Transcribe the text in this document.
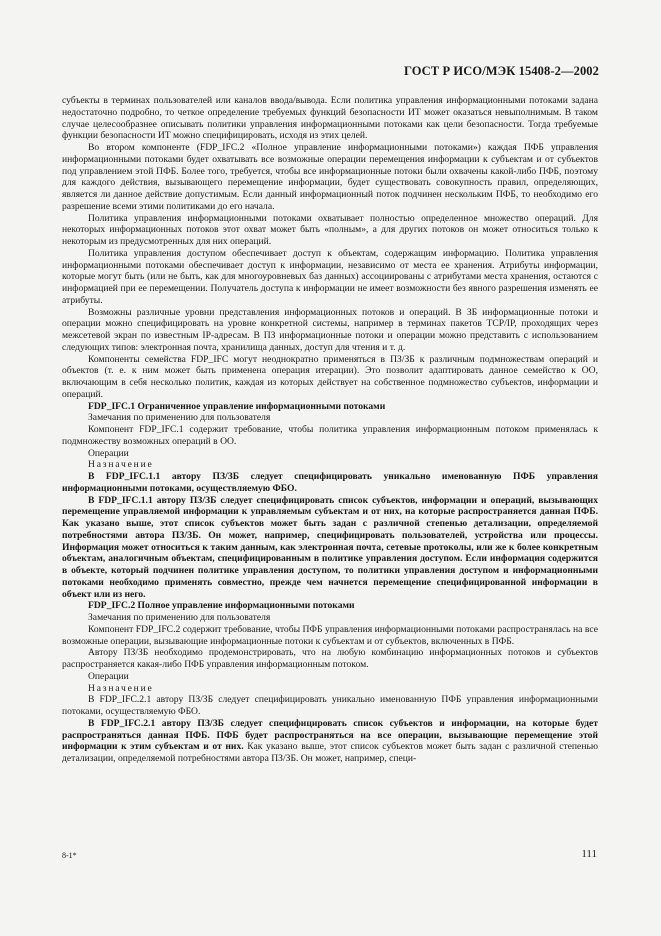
ГОСТ Р ИСО/МЭК 15408-2—2002

субъекты в терминах пользователей или каналов ввода/вывода. Если политика управления информационными потоками задана недостаточно подробно, то четкое определение требуемых функций безопасности ИТ может оказаться невыполнимым. В таком случае целесообразнее описывать политики управления информационными потоками как цели безопасности. Тогда требуемые функции безопасности ИТ можно специфицировать, исходя из этих целей.

Во втором компоненте (FDP_IFC.2 «Полное управление информационными потоками») каждая ПФБ управления информационными потоками будет охватывать все возможные операции перемещения информации к субъектам и от субъектов под управлением этой ПФБ. Более того, требуется, чтобы все информационные потоки были охвачены какой-либо ПФБ, поэтому для каждого действия, вызывающего перемещение информации, будет существовать совокупность правил, определяющих, является ли данное действие допустимым. Если данный информационный поток подчинен нескольким ПФБ, то необходимо его разрешение всеми этими политиками до его начала.

Политика управления информационными потоками охватывает полностью определенное множество операций. Для некоторых информационных потоков этот охват может быть «полным», а для других потоков он может относиться только к некоторым из предусмотренных для них операций.

Политика управления доступом обеспечивает доступ к объектам, содержащим информацию. Политика управления информационными потоками обеспечивает доступ к информации, независимо от места ее хранения. Атрибуты информации, которые могут быть (или не быть, как для многоуровневых баз данных) ассоциированы с атрибутами места хранения, остаются с информацией при ее перемещении. Получатель доступа к информации не имеет возможности без явного разрешения изменять ее атрибуты.

Возможны различные уровни представления информационных потоков и операций. В ЗБ информационные потоки и операции можно специфицировать на уровне конкретной системы, например в терминах пакетов TCP/IP, проходящих через межсетевой экран по известным IP-адресам. В ПЗ информационные потоки и операции можно представить с использованием следующих типов: электронная почта, хранилища данных, доступ для чтения и т. д.

Компоненты семейства FDP_IFC могут неоднократно применяться в ПЗ/ЗБ к различным подмножествам операций и объектов (т. е. к ним может быть применена операция итерации). Это позволит адаптировать данное семейство к ОО, включающим в себя несколько политик, каждая из которых действует на собственное подмножество субъектов, информации и операций.

FDP_IFC.1 Ограниченное управление информационными потоками

Замечания по применению для пользователя

Компонент FDP_IFC.1 содержит требование, чтобы политика управления информационным потоком применялась к подмножеству возможных операций в ОО.

Операции

Назначение

В FDP_IFC.1.1 автору ПЗ/ЗБ следует специфицировать уникально именованную ПФБ управления информационными потоками, осуществляемую ФБО.

В FDP_IFC.1.1 автору ПЗ/ЗБ следует специфицировать список субъектов, информации и операций, вызывающих перемещение управляемой информации к управляемым субъектам и от них, на которые распространяется данная ПФБ. Как указано выше, этот список субъектов может быть задан с различной степенью детализации, определяемой потребностями автора ПЗ/ЗБ. Он может, например, специфицировать пользователей, устройства или процессы. Информация может относиться к таким данным, как электронная почта, сетевые протоколы, или же к более конкретным объектам, аналогичным объектам, специфицированным в политике управления доступом. Если информация содержится в объекте, который подчинен политике управления доступом, то политики управления доступом и информационными потоками необходимо применять совместно, прежде чем начнется перемещение специфицированной информации в объект или из него.

FDP_IFC.2 Полное управление информационными потоками

Замечания по применению для пользователя

Компонент FDP_IFC.2 содержит требование, чтобы ПФБ управления информационными потоками распространялась на все возможные операции, вызывающие информационные потоки к субъектам и от субъектов, включенных в ПФБ.

Автору ПЗ/ЗБ необходимо продемонстрировать, что на любую комбинацию информационных потоков и субъектов распространяется какая-либо ПФБ управления информационным потоком.

Операции

Назначение

В FDP_IFC.2.1 автору ПЗ/ЗБ следует специфицировать уникально именованную ПФБ управления информационными потоками, осуществляемую ФБО.

В FDP_IFC.2.1 автору ПЗ/ЗБ следует специфицировать список субъектов и информации, на которые будет распространяться данная ПФБ. ПФБ будет распространяться на все операции, вызывающие перемещение этой информации к этим субъектам и от них. Как указано выше, этот список субъектов может быть задан с различной степенью детализации, определяемой потребностями автора ПЗ/ЗБ. Он может, например, специ-

8-1*	111
